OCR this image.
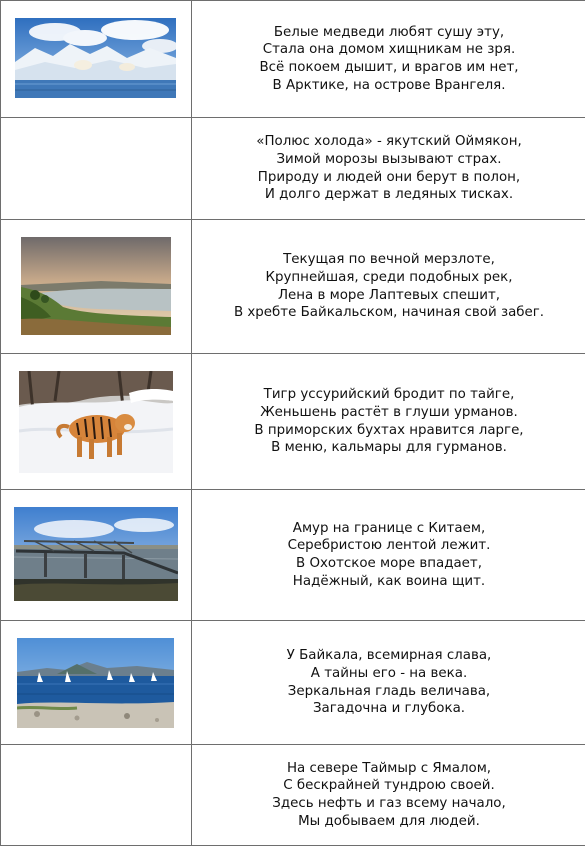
Белые медведи любят сушу эту,
Стала она домом хищникам не зря.
Всё покоем дышит, и врагов им нет,
В Арктике, на острове Врангеля.

	«Полюс холода» - якутский Оймякон,
Зимой морозы вызывают страх.
Природу и людей они берут в полон,
И долго держат в ледяных тисках.

Текущая по вечной мерзлоте,
Крупнейшая, среди подобных рек,
Лена в море Лаптевых спешит,
В хребте Байкальском, начиная свой забег.

Тигр уссурийский бродит по тайге,
Женьшень растёт в глуши урманов.
В приморских бухтах нравится ларге,
В меню, кальмары для гурманов.

Амур на границе с Китаем,
Серебристою лентой лежит.
В Охотское море впадает,
Надёжный, как воина щит.

У Байкала, всемирная слава,
А тайны его - на века.
Зеркальная гладь величава,
Загадочна и глубока.

	На севере Таймыр с Ямалом,
С бескрайней тундрою своей.
Здесь нефть и газ всему начало,
Мы добываем для людей.
